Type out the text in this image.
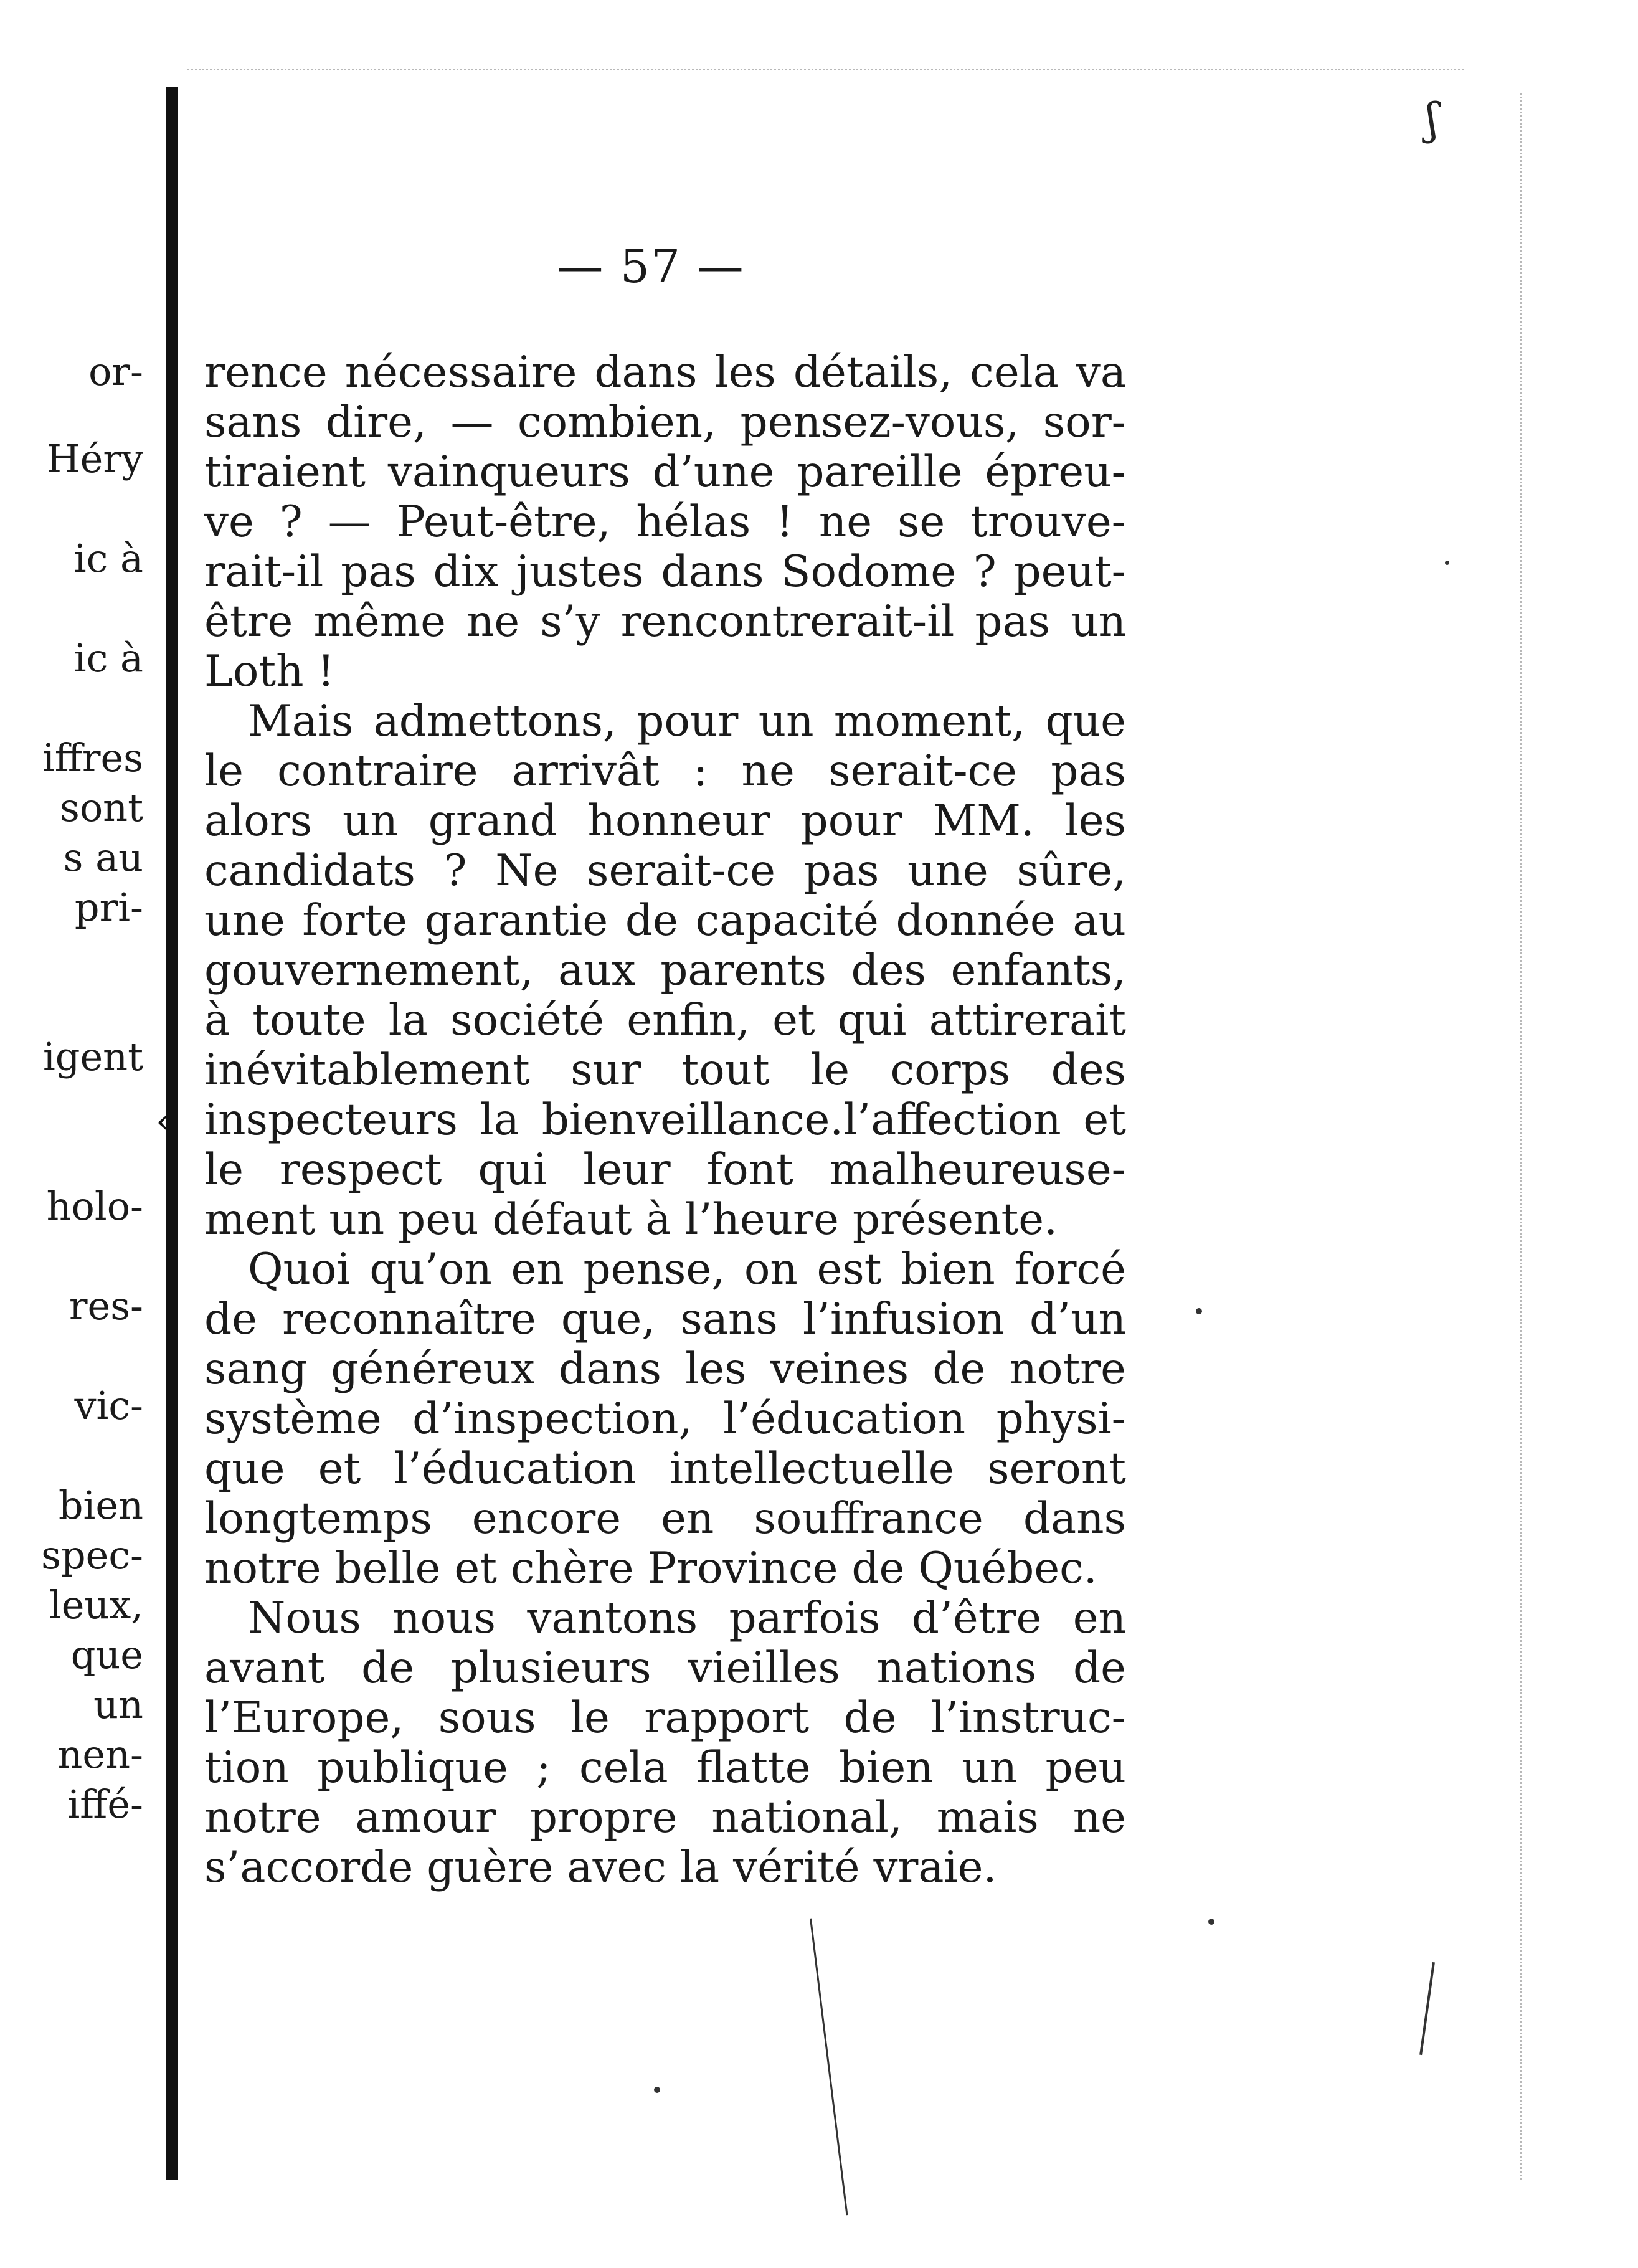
ʃ
‹
— 57 —
rence nécessaire dans les détails, cela va
sans dire, — combien, pensez-vous, sor-
tiraient vainqueurs d’une pareille épreu-
ve ? — Peut-être, hélas ! ne se trouve-
rait-il pas dix justes dans Sodome ? peut-
être même ne s’y rencontrerait-il pas un
Loth !
Mais admettons, pour un moment, que
le contraire arrivât : ne serait-ce pas
alors un grand honneur pour MM. les
candidats ? Ne serait-ce pas une sûre,
une forte garantie de capacité donnée au
gouvernement, aux parents des enfants,
à toute la société enfin, et qui attirerait
inévitablement sur tout le corps des
inspecteurs la bienveillance.l’affection et
le respect qui leur font malheureuse-
ment un peu défaut à l’heure présente.
Quoi qu’on en pense, on est bien forcé
de reconnaître que, sans l’infusion d’un
sang généreux dans les veines de notre
système d’inspection, l’éducation physi-
que et l’éducation intellectuelle seront
longtemps encore en souffrance dans
notre belle et chère Province de Québec.
Nous nous vantons parfois d’être en
avant de plusieurs vieilles nations de
l’Europe, sous le rapport de l’instruc-
tion publique ; cela flatte bien un peu
notre amour propre national, mais ne
s’accorde guère avec la vérité vraie.
or-
Héry
ic à
ic à
iffres
sont
s au
pri-
igent
holo-
res-
vic-
bien
spec-
leux,
que
un
nen-
iffé-
